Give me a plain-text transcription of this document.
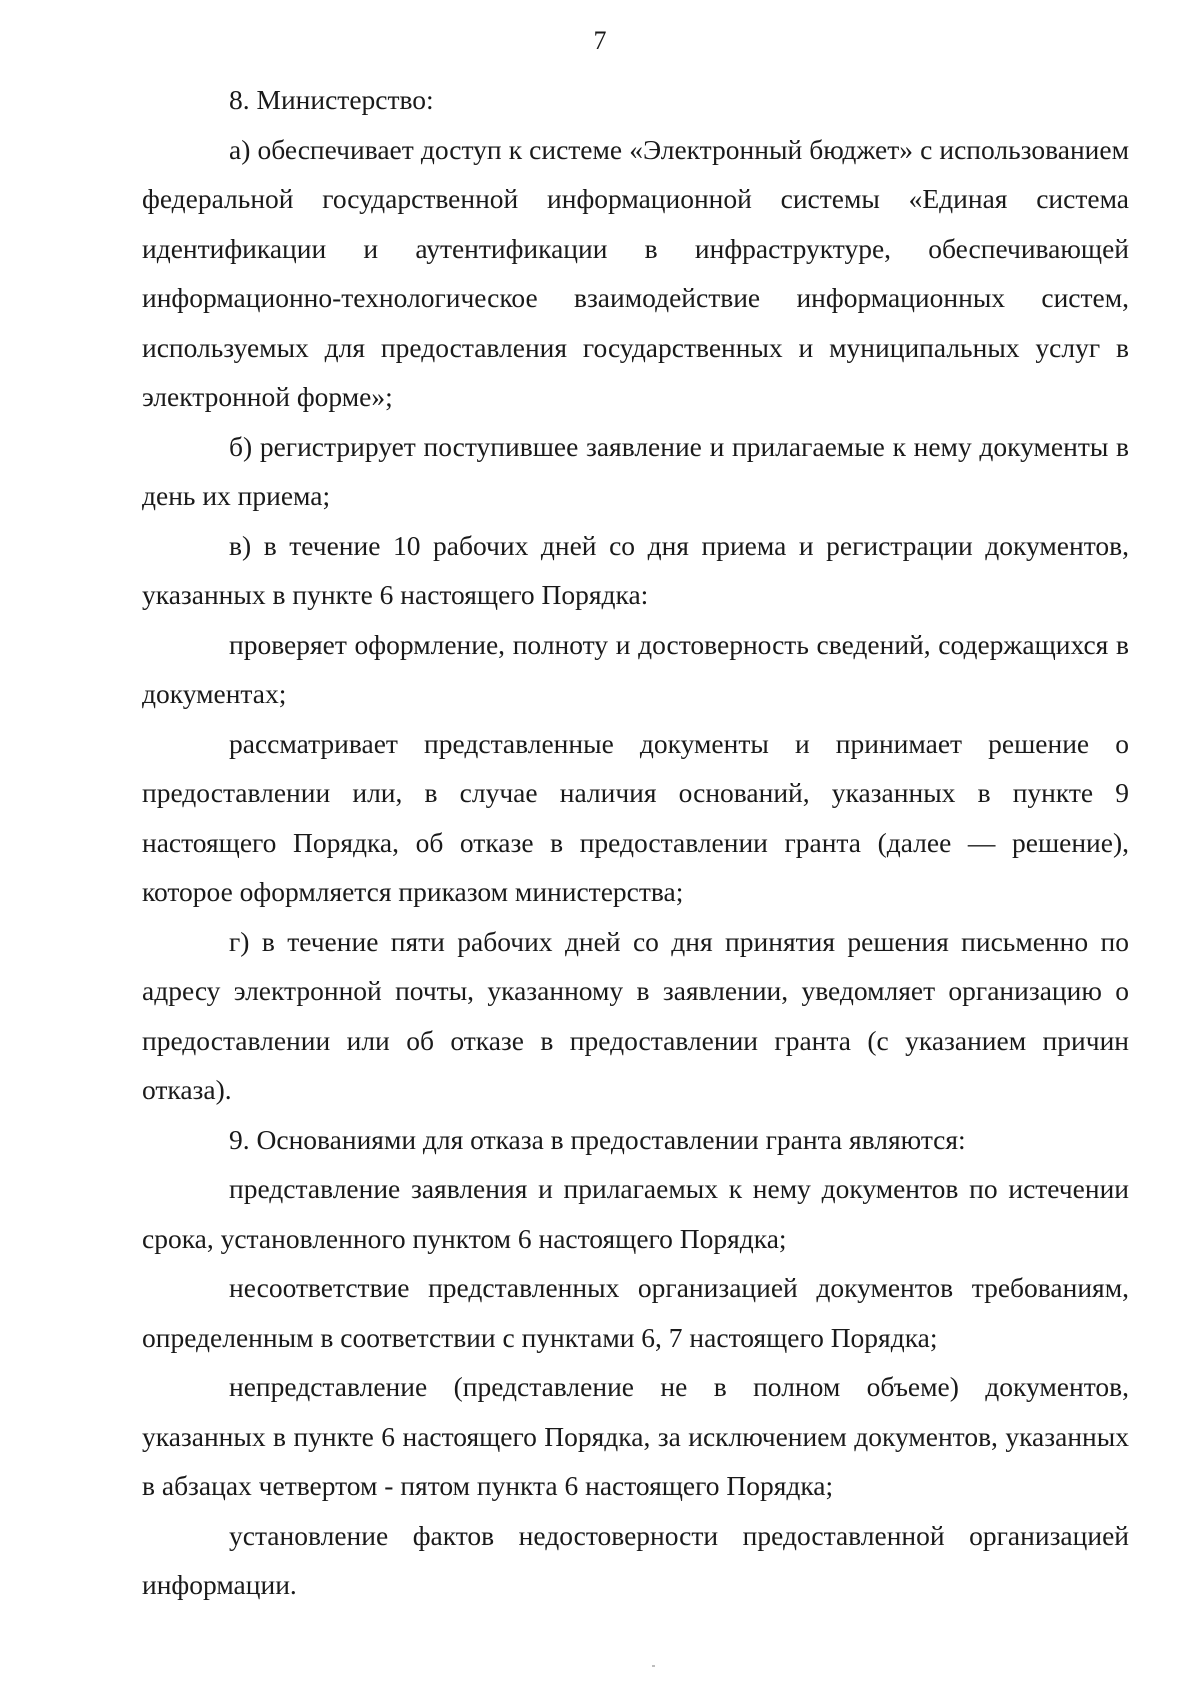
7

8. Министерство:

а) обеспечивает доступ к системе «Электронный бюджет» с использованием федеральной государственной информационной системы «Единая система идентификации и аутентификации в инфраструктуре, обеспечивающей информационно-технологическое взаимодействие информационных систем, используемых для предоставления государственных и муниципальных услуг в электронной форме»;

б) регистрирует поступившее заявление и прилагаемые к нему документы в день их приема;

в) в течение 10 рабочих дней со дня приема и регистрации документов, указанных в пункте 6 настоящего Порядка:

проверяет оформление, полноту и достоверность сведений, содержащихся в документах;

рассматривает представленные документы и принимает решение о предоставлении или, в случае наличия оснований, указанных в пункте 9 настоящего Порядка, об отказе в предоставлении гранта (далее — решение), которое оформляется приказом министерства;

г) в течение пяти рабочих дней со дня принятия решения письменно по адресу электронной почты, указанному в заявлении, уведомляет организацию о предоставлении или об отказе в предоставлении гранта (с указанием причин отказа).

9. Основаниями для отказа в предоставлении гранта являются:

представление заявления и прилагаемых к нему документов по истечении срока, установленного пунктом 6 настоящего Порядка;

несоответствие представленных организацией документов требованиям, определенным в соответствии с пунктами 6, 7 настоящего Порядка;

непредставление (представление не в полном объеме) документов, указанных в пункте 6 настоящего Порядка, за исключением документов, указанных в абзацах четвертом - пятом пункта 6 настоящего Порядка;

установление фактов недостоверности предоставленной организацией информации.
